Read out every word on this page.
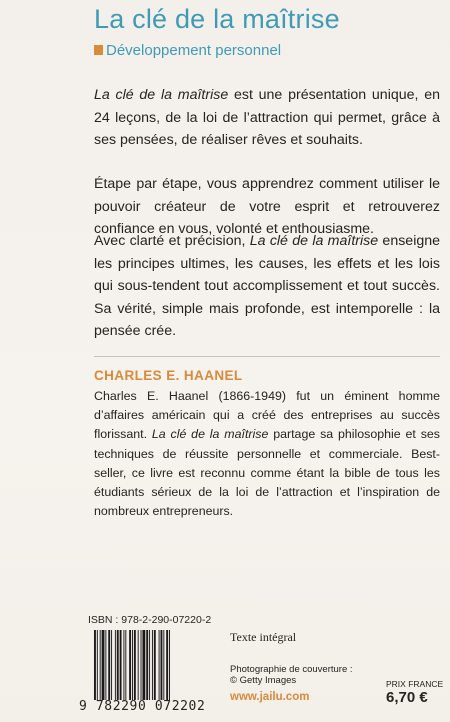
La clé de la maîtrise
Développement personnel

La clé de la maîtrise est une présentation unique, en 24 leçons, de la loi de l’attraction qui permet, grâce à ses pensées, de réaliser rêves et souhaits.

Étape par étape, vous apprendrez comment utiliser le pouvoir créateur de votre esprit et retrouverez confiance en vous, volonté et enthousiasme.

Avec clarté et précision, La clé de la maîtrise enseigne les principes ultimes, les causes, les effets et les lois qui sous-tendent tout accomplissement et tout succès. Sa vérité, simple mais profonde, est intemporelle : la pensée crée.

CHARLES E. HAANEL

Charles E. Haanel (1866-1949) fut un éminent homme d’affaires américain qui a créé des entreprises au succès florissant. La clé de la maîtrise partage sa philosophie et ses techniques de réussite personnelle et commerciale. Best-seller, ce livre est reconnu comme étant la bible de tous les étudiants sérieux de la loi de l’attraction et l’inspiration de nombreux entrepreneurs.

ISBN : 978-2-290-07220-2
9 782290 072202
Texte intégral
Photographie de couverture :
© Getty Images
www.jailu.com
PRIX FRANCE
6,70 €
